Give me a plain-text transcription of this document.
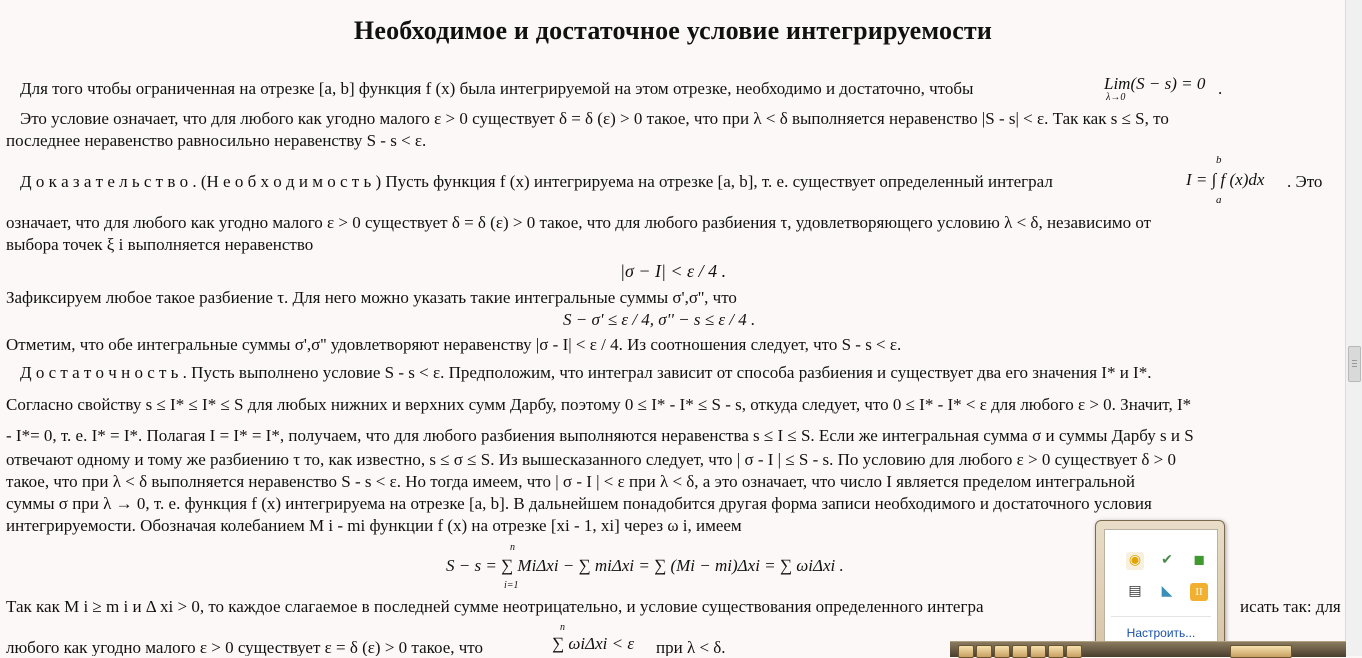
Необходимое и достаточное условие интегрируемости
Для того чтобы ограниченная на отрезке [a, b] функция f (x) была интегрируемой на этом отрезке, необходимо и достаточно, чтобы	Lim(S − s) = 0
λ→0	.
Это условие означает, что для любого как угодно малого ε > 0 существует δ = δ (ε) > 0 такое, что при λ < δ выполняется неравенство |S - s| < ε. Так как s ≤ S, то
последнее неравенство равносильно неравенству S - s < ε.
Д о к а з а т е л ь с т в о . (Н е о б х о д и м о с т ь ) Пусть функция f (x) интегрируема на отрезке [a, b], т. е. существует определенный интеграл	I = ∫ f (x)dx
b
a
. Это
означает, что для любого как угодно малого ε > 0 существует δ = δ (ε) > 0 такое, что для любого разбиения τ, удовлетворяющего условию λ < δ, независимо от
выбора точек ξ i выполняется неравенство
|σ − I| < ε / 4 .
Зафиксируем любое такое разбиение τ. Для него можно указать такие интегральные суммы σ',σ'', что
S − σ' ≤ ε / 4, σ'' − s ≤ ε / 4 .
Отметим, что обе интегральные суммы σ',σ'' удовлетворяют неравенству |σ - I| < ε / 4. Из соотношения следует, что S - s < ε.
Д о с т а т о ч н о с т ь . Пусть выполнено условие S - s < ε. Предположим, что интеграл зависит от способа разбиения и существует два его значения I* и I*.
Согласно свойству s ≤ I* ≤ I* ≤ S для любых нижних и верхних сумм Дарбу, поэтому 0 ≤ I* - I* ≤ S - s, откуда следует, что 0 ≤ I* - I* < ε для любого ε > 0. Значит, I*
- I*= 0, т. е. I* = I*. Полагая I = I* = I*, получаем, что для любого разбиения выполняются неравенства s ≤ I ≤ S. Если же интегральная сумма σ и суммы Дарбу s и S
отвечают одному и тому же разбиению τ то, как известно, s ≤ σ ≤ S. Из вышесказанного следует, что | σ - I | ≤ S - s. По условию для любого ε > 0 существует δ > 0
такое, что при λ < δ выполняется неравенство S - s < ε. Но тогда имеем, что | σ - I | < ε при λ < δ, а это означает, что число I является пределом интегральной
суммы σ при λ → 0, т. е. функция f (x) интегрируема на отрезке [a, b]. В дальнейшем понадобится другая форма записи необходимого и достаточного условия
интегрируемости. Обозначая колебанием M i - mi функции f (x) на отрезке [xi - 1, xi] через ω i, имеем
S − s = ∑ MiΔxi − ∑ miΔxi = ∑ (Mi − mi)Δxi = ∑ ωiΔxi .
n
i=1
Так как M i ≥ m i и Δ xi > 0, то каждое слагаемое в последней сумме неотрицательно, и условие существования определенного интегра	исать так: для
любого как угодно малого ε > 0 существует ε = δ (ε) > 0 такое, что	∑ ωiΔxi < ε
n
при λ < δ.
◉ ✔ ◼
▤ ◣	II
Настроить...
